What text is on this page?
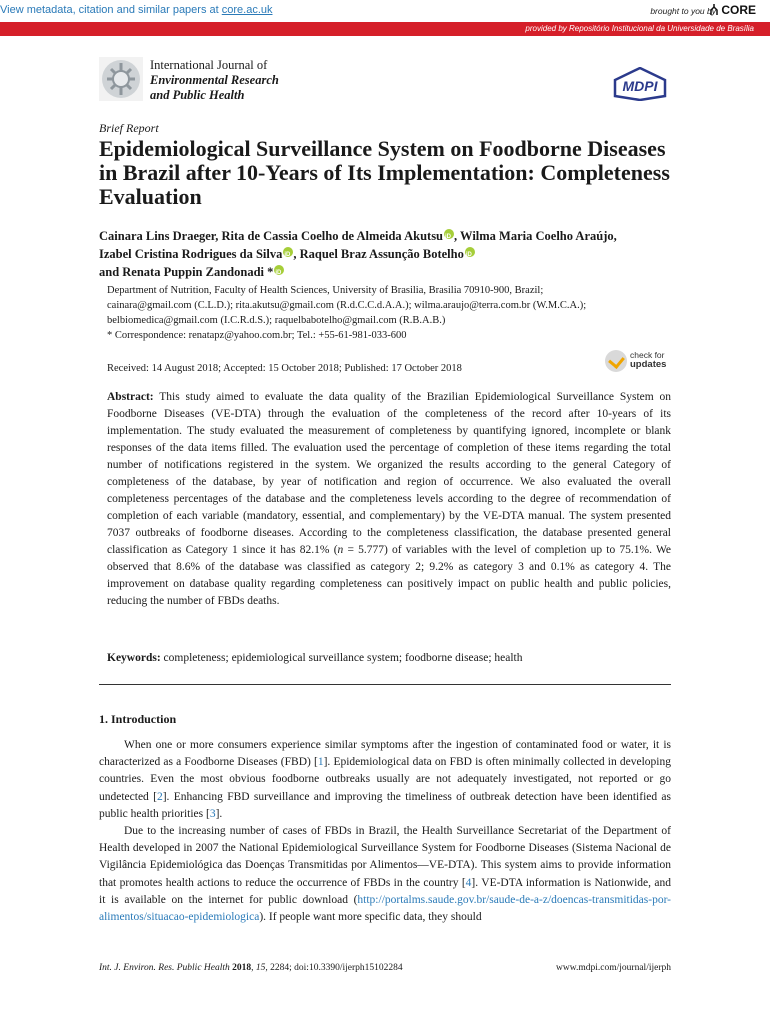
View metadata, citation and similar papers at core.ac.uk	brought to you by CORE
provided by Repositório Institucional da Universidade de Brasília
International Journal of
Environmental Research
and Public Health
MDPI
Brief Report
Epidemiological Surveillance System on Foodborne Diseases in Brazil after 10-Years of Its Implementation: Completeness Evaluation
Cainara Lins Draeger, Rita de Cassia Coelho de Almeida Akutsu iD , Wilma Maria Coelho Araújo,
Izabel Cristina Rodrigues da Silva iD , Raquel Braz Assunção BotelhoiD
and Renata Puppin Zandonadi *iD
Department of Nutrition, Faculty of Health Sciences, University of Brasilia, Brasilia 70910-900, Brazil;
cainara@gmail.com (C.L.D.); rita.akutsu@gmail.com (R.d.C.C.d.A.A.); wilma.araujo@terra.com.br (W.M.C.A.);
belbiomedica@gmail.com (I.C.R.d.S.); raquelbabotelho@gmail.com (R.B.A.B.)
* Correspondence: renatapz@yahoo.com.br; Tel.: +55-61-981-033-600
Received: 14 August 2018; Accepted: 15 October 2018; Published: 17 October 2018
check for
updates

Abstract: This study aimed to evaluate the data quality of the Brazilian Epidemiological Surveillance System on Foodborne Diseases (VE-DTA) through the evaluation of the completeness of the record after 10-years of its implementation. The study evaluated the measurement of completeness by quantifying ignored, incomplete or blank responses of the data items filled. The evaluation used the percentage of completion of these items regarding the total number of notifications registered in the system. We organized the results according to the general Category of completeness of the database, by year of notification and region of occurrence. We also evaluated the overall completeness percentages of the database and the completeness levels according to the degree of recommendation of completion of each variable (mandatory, essential, and complementary) by the VE-DTA manual. The system presented 7037 outbreaks of foodborne diseases. According to the completeness classification, the database presented general classification as Category 1 since it has 82.1% (n = 5.777) of variables with the level of completion up to 75.1%. We observed that 8.6% of the database was classified as category 2; 9.2% as category 3 and 0.1% as category 4. The improvement on database quality regarding completeness can positively impact on public health and public policies, reducing the number of FBDs deaths.

Keywords: completeness; epidemiological surveillance system; foodborne disease; health
1. Introduction

When one or more consumers experience similar symptoms after the ingestion of contaminated food or water, it is characterized as a Foodborne Diseases (FBD) [1]. Epidemiological data on FBD is often minimally collected in developing countries. Even the most obvious foodborne outbreaks usually are not adequately investigated, not reported or go undetected [2]. Enhancing FBD surveillance and improving the timeliness of outbreak detection have been identified as public health priorities [3].

Due to the increasing number of cases of FBDs in Brazil, the Health Surveillance Secretariat of the Department of Health developed in 2007 the National Epidemiological Surveillance System for Foodborne Diseases (Sistema Nacional de Vigilância Epidemiológica das Doenças Transmitidas por Alimentos—VE-DTA). This system aims to provide information that promotes health actions to reduce the occurrence of FBDs in the country [4]. VE-DTA information is Nationwide, and it is available on the internet for public download (http://portalms.saude.gov.br/saude-de-a-z/doencas-transmitidas-por-alimentos/situacao-epidemiologica). If people want more specific data, they should

Int. J. Environ. Res. Public Health 2018, 15, 2284; doi:10.3390/ijerph15102284	www.mdpi.com/journal/ijerph
